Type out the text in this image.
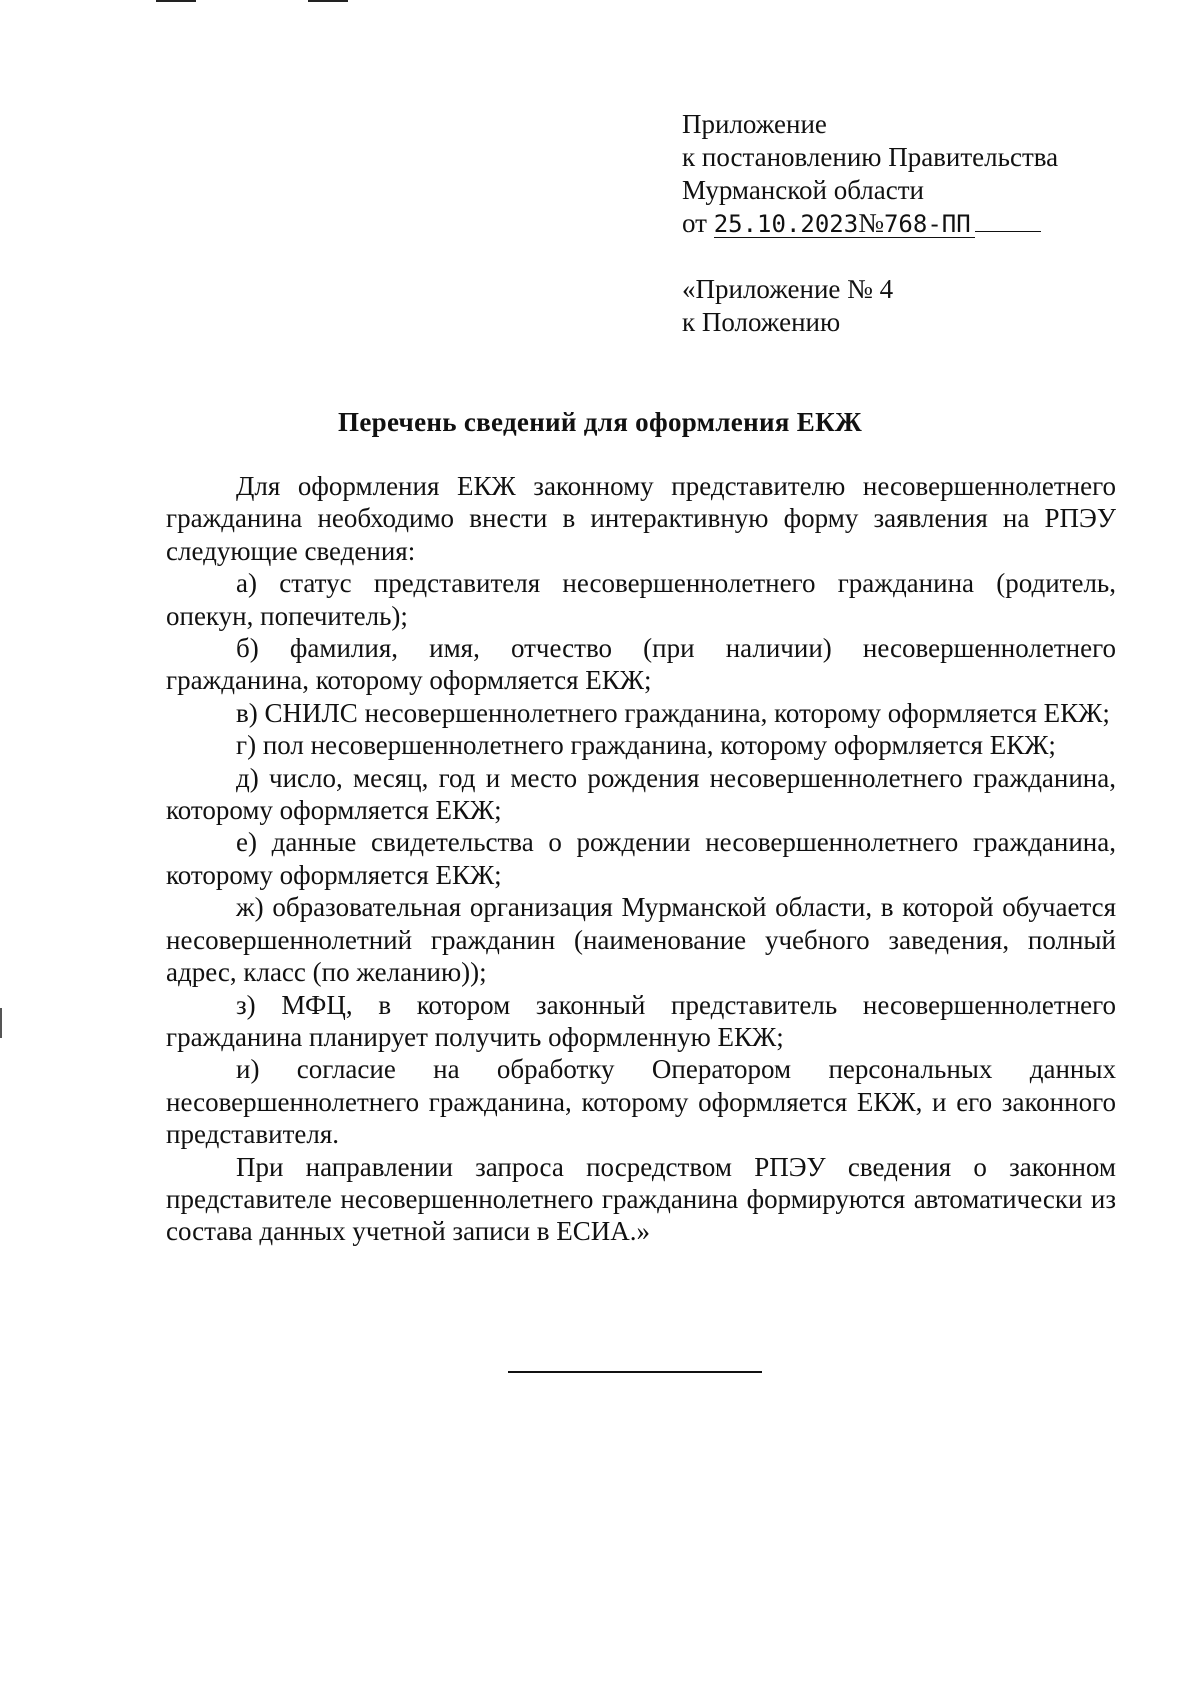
Приложение
к постановлению Правительства
Мурманской области
от 25.10.2023№768-ПП
«Приложение № 4
к Положению
Перечень сведений для оформления ЕКЖ

Для оформления ЕКЖ законному представителю несовершеннолетнего гражданина необходимо внести в интерактивную форму заявления на РПЭУ следующие сведения:

а) статус представителя несовершеннолетнего гражданина (родитель, опекун, попечитель);

б) фамилия, имя, отчество (при наличии) несовершеннолетнего гражданина, которому оформляется ЕКЖ;

в) СНИЛС несовершеннолетнего гражданина, которому оформляется ЕКЖ;

г) пол несовершеннолетнего гражданина, которому оформляется ЕКЖ;

д) число, месяц, год и место рождения несовершеннолетнего гражданина, которому оформляется ЕКЖ;

е) данные свидетельства о рождении несовершеннолетнего гражданина, которому оформляется ЕКЖ;

ж) образовательная организация Мурманской области, в которой обучается несовершеннолетний гражданин (наименование учебного заведения, полный адрес, класс (по желанию));

з) МФЦ, в котором законный представитель несовершеннолетнего гражданина планирует получить оформленную ЕКЖ;

и) согласие на обработку Оператором персональных данных несовершеннолетнего гражданина, которому оформляется ЕКЖ, и его законного представителя.

При направлении запроса посредством РПЭУ сведения о законном представителе несовершеннолетнего гражданина формируются автоматически из состава данных учетной записи в ЕСИА.»
